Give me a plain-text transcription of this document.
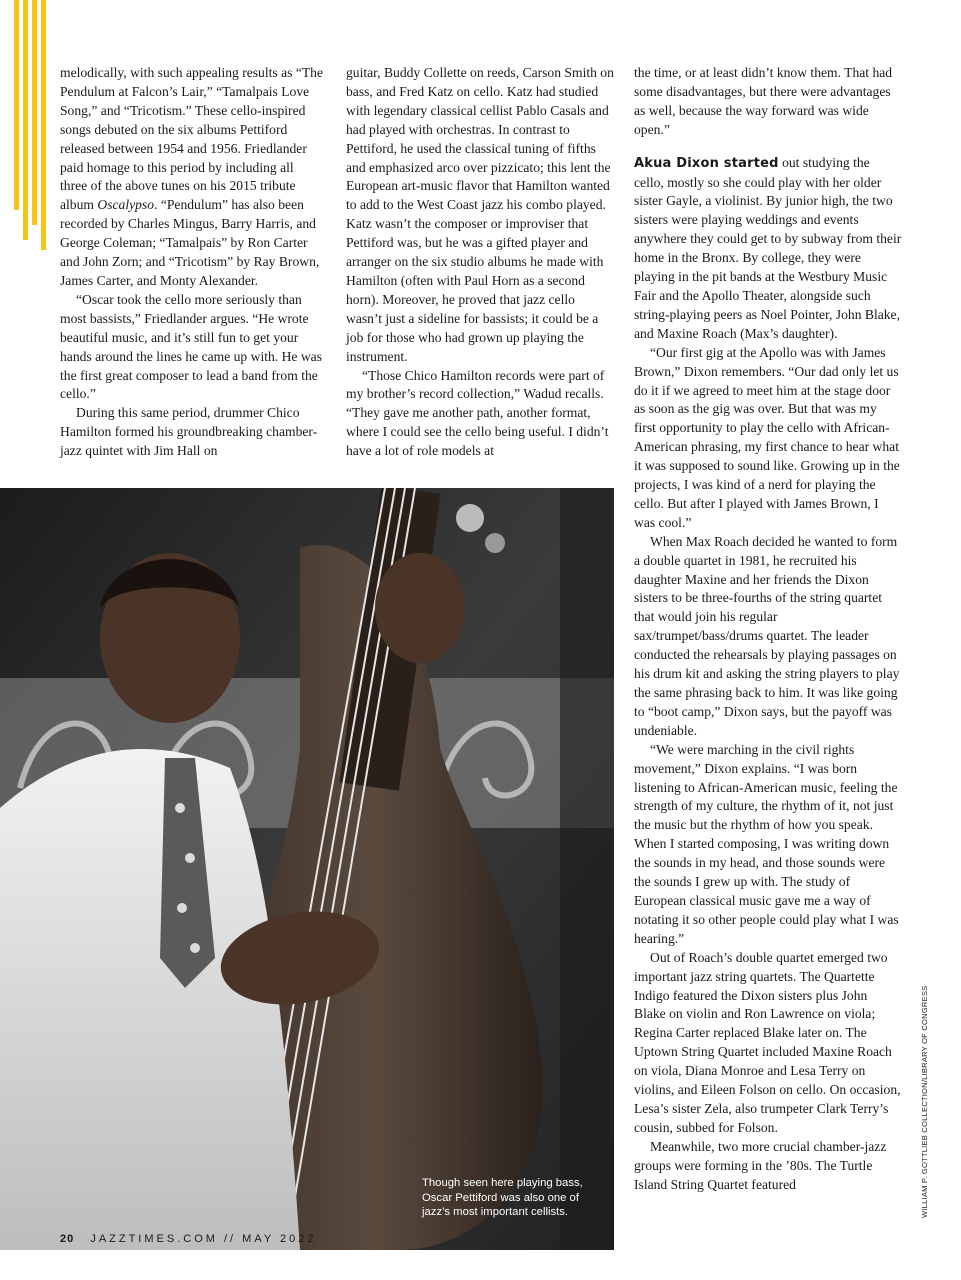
melodically, with such appealing results as “The Pendulum at Falcon’s Lair,” “Tamalpais Love Song,” and “Tricotism.” These cello-inspired songs debuted on the six albums Pettiford released between 1954 and 1956. Friedlander paid homage to this period by including all three of the above tunes on his 2015 tribute album Oscalypso. “Pendulum” has also been recorded by Charles Mingus, Barry Harris, and George Coleman; “Tamalpais” by Ron Carter and John Zorn; and “Tricotism” by Ray Brown, James Carter, and Monty Alexander.

“Oscar took the cello more seriously than most bassists,” Friedlander argues. “He wrote beautiful music, and it’s still fun to get your hands around the lines he came up with. He was the first great composer to lead a band from the cello.”

During this same period, drummer Chico Hamilton formed his groundbreaking chamber-jazz quintet with Jim Hall on

guitar, Buddy Collette on reeds, Carson Smith on bass, and Fred Katz on cello. Katz had studied with legendary classical cellist Pablo Casals and had played with orchestras. In contrast to Pettiford, he used the classical tuning of fifths and emphasized arco over pizzicato; this lent the European art-music flavor that Hamilton wanted to add to the West Coast jazz his combo played. Katz wasn’t the composer or improviser that Pettiford was, but he was a gifted player and arranger on the six studio albums he made with Hamilton (often with Paul Horn as a second horn). Moreover, he proved that jazz cello wasn’t just a sideline for bassists; it could be a job for those who had grown up playing the instrument.

“Those Chico Hamilton records were part of my brother’s record collection,” Wadud recalls. “They gave me another path, another format, where I could see the cello being useful. I didn’t have a lot of role models at

the time, or at least didn’t know them. That had some disadvantages, but there were advantages as well, because the way forward was wide open.”

Akua Dixon started out studying the cello, mostly so she could play with her older sister Gayle, a violinist. By junior high, the two sisters were playing weddings and events anywhere they could get to by subway from their home in the Bronx. By college, they were playing in the pit bands at the Westbury Music Fair and the Apollo Theater, alongside such string-playing peers as Noel Pointer, John Blake, and Maxine Roach (Max’s daughter).

“Our first gig at the Apollo was with James Brown,” Dixon remembers. “Our dad only let us do it if we agreed to meet him at the stage door as soon as the gig was over. But that was my first opportunity to play the cello with African-American phrasing, my first chance to hear what it was supposed to sound like. Growing up in the projects, I was kind of a nerd for playing the cello. But after I played with James Brown, I was cool.”

When Max Roach decided he wanted to form a double quartet in 1981, he recruited his daughter Maxine and her friends the Dixon sisters to be three-fourths of the string quartet that would join his regular sax/trumpet/bass/drums quartet. The leader conducted the rehearsals by playing passages on his drum kit and asking the string players to play the same phrasing back to him. It was like going to “boot camp,” Dixon says, but the payoff was undeniable.

“We were marching in the civil rights movement,” Dixon explains. “I was born listening to African-American music, feeling the strength of my culture, the rhythm of it, not just the music but the rhythm of how you speak. When I started composing, I was writing down the sounds in my head, and those sounds were the sounds I grew up with. The study of European classical music gave me a way of notating it so other people could play what I was hearing.”

Out of Roach’s double quartet emerged two important jazz string quartets. The Quartette Indigo featured the Dixon sisters plus John Blake on violin and Ron Lawrence on viola; Regina Carter replaced Blake later on. The Uptown String Quartet included Maxine Roach on viola, Diana Monroe and Lesa Terry on violins, and Eileen Folson on cello. On occasion, Lesa’s sister Zela, also trumpeter Clark Terry’s cousin, subbed for Folson.

Meanwhile, two more crucial chamber-jazz groups were forming in the ’80s. The Turtle Island String Quartet featured

Though seen here playing bass, Oscar Pettiford was also one of jazz’s most important cellists.
20 JAZZTIMES.COM // MAY 2022
WILLIAM P. GOTTLIEB COLLECTION/LIBRARY OF CONGRESS
